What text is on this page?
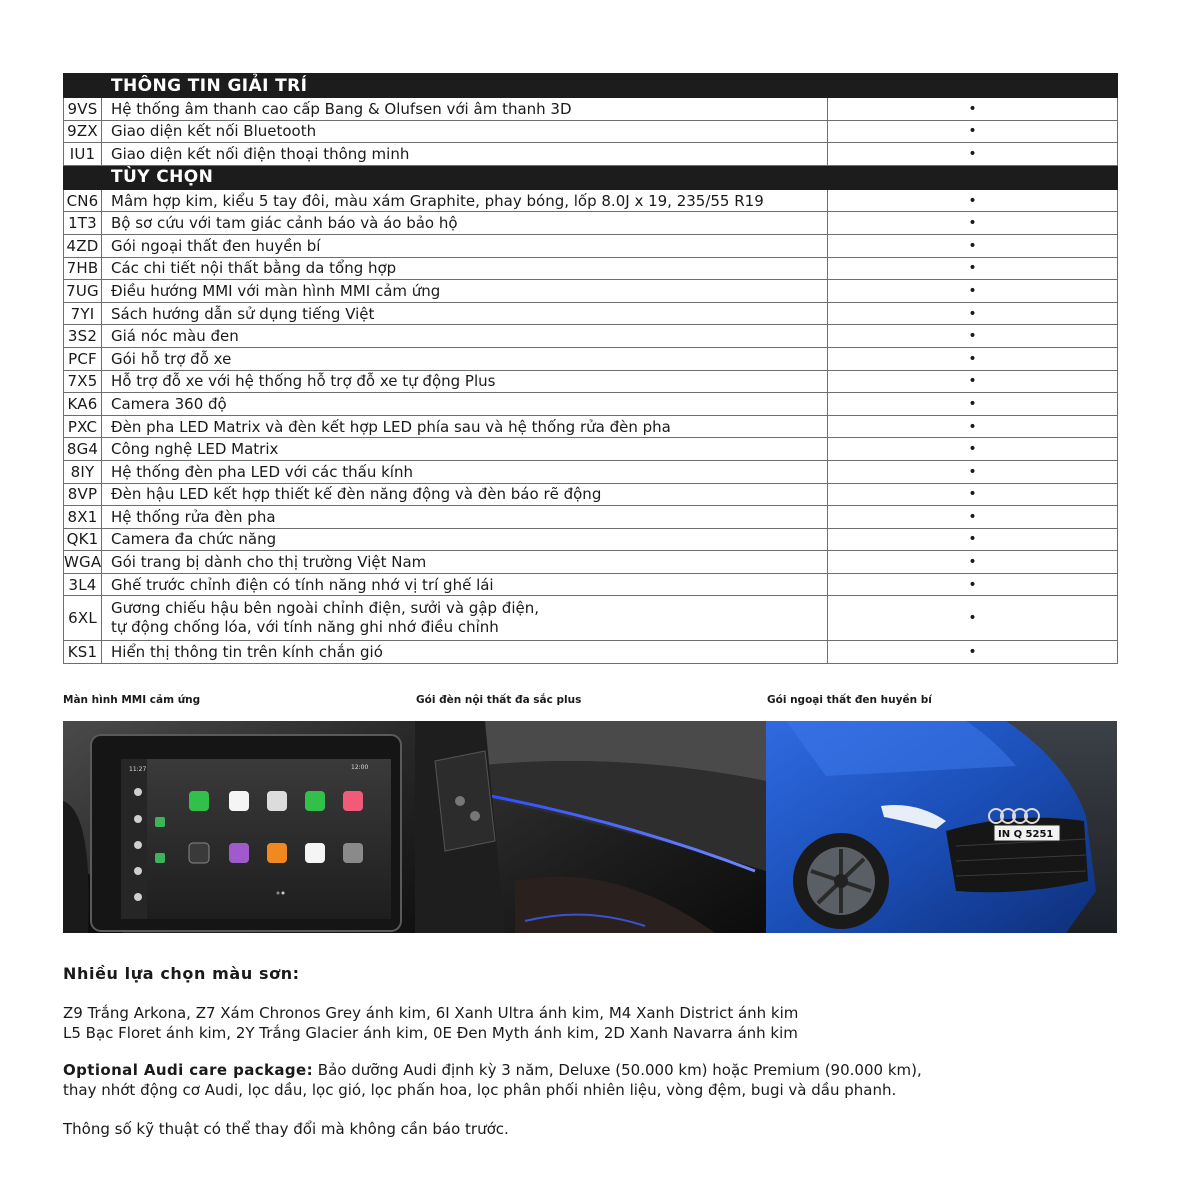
	THÔNG TIN GIẢI TRÍ	
9VS	Hệ thống âm thanh cao cấp Bang & Olufsen với âm thanh 3D	•
9ZX	Giao diện kết nối Bluetooth	•
IU1	Giao diện kết nối điện thoại thông minh	•
	TÙY CHỌN	
CN6	Mâm hợp kim, kiểu 5 tay đôi, màu xám Graphite, phay bóng, lốp 8.0J x 19, 235/55 R19	•
1T3	Bộ sơ cứu với tam giác cảnh báo và áo bảo hộ	•
4ZD	Gói ngoại thất đen huyền bí	•
7HB	Các chi tiết nội thất bằng da tổng hợp	•
7UG	Điều hướng MMI với màn hình MMI cảm ứng	•
7YI	Sách hướng dẫn sử dụng tiếng Việt	•
3S2	Giá nóc màu đen	•
PCF	Gói hỗ trợ đỗ xe	•
7X5	Hỗ trợ đỗ xe với hệ thống hỗ trợ đỗ xe tự động Plus	•
KA6	Camera 360 độ	•
PXC	Đèn pha LED Matrix và đèn kết hợp LED phía sau và hệ thống rửa đèn pha	•
8G4	Công nghệ LED Matrix	•
8IY	Hệ thống đèn pha LED với các thấu kính	•
8VP	Đèn hậu LED kết hợp thiết kế đèn năng động và đèn báo rẽ động	•
8X1	Hệ thống rửa đèn pha	•
QK1	Camera đa chức năng	•
WGA	Gói trang bị dành cho thị trường Việt Nam	•
3L4	Ghế trước chỉnh điện có tính năng nhớ vị trí ghế lái	•
6XL	Gương chiếu hậu bên ngoài chỉnh điện, sưởi và gập điện,
tự động chống lóa, với tính năng ghi nhớ điều chỉnh	•
KS1	Hiển thị thông tin trên kính chắn gió	•
Màn hình MMI cảm ứng	Gói đèn nội thất đa sắc plus	Gói ngoại thất đen huyền bí
11:27	12:00
IN Q 5251
Nhiều lựa chọn màu sơn:
Z9 Trắng Arkona, Z7 Xám Chronos Grey ánh kim, 6I Xanh Ultra ánh kim, M4 Xanh District ánh kim
L5 Bạc Floret ánh kim, 2Y Trắng Glacier ánh kim, 0E Đen Myth ánh kim, 2D Xanh Navarra ánh kim
Optional Audi care package: Bảo dưỡng Audi định kỳ 3 năm, Deluxe (50.000 km) hoặc Premium (90.000 km),
thay nhớt động cơ Audi, lọc dầu, lọc gió, lọc phấn hoa, lọc phân phối nhiên liệu, vòng đệm, bugi và dầu phanh.
Thông số kỹ thuật có thể thay đổi mà không cần báo trước.
